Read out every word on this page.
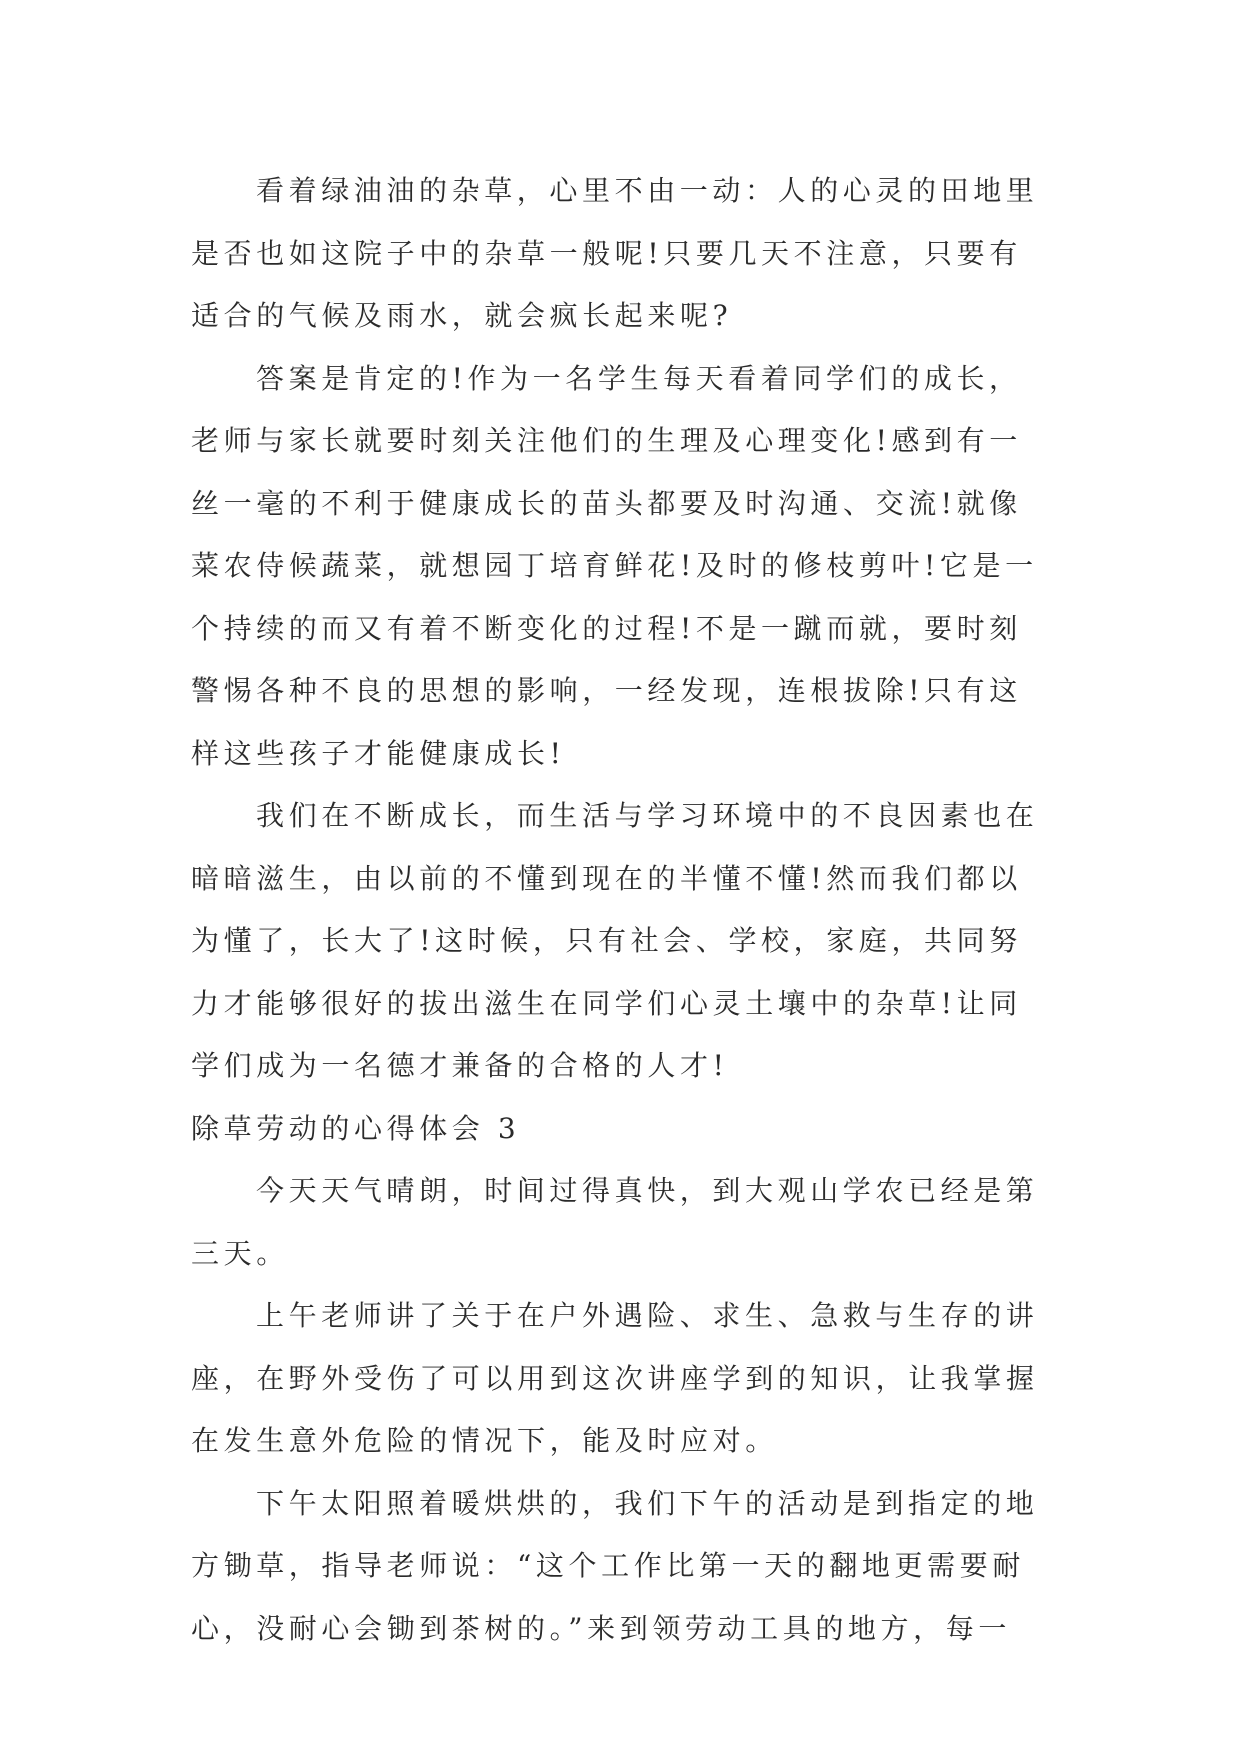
看着绿油油的杂草，心里不由一动：人的心灵的田地里
是否也如这院子中的杂草一般呢!只要几天不注意，只要有
适合的气候及雨水，就会疯长起来呢?

答案是肯定的!作为一名学生每天看着同学们的成长，
老师与家长就要时刻关注他们的生理及心理变化!感到有一
丝一毫的不利于健康成长的苗头都要及时沟通、交流!就像
菜农侍候蔬菜，就想园丁培育鲜花!及时的修枝剪叶!它是一
个持续的而又有着不断变化的过程!不是一蹴而就，要时刻
警惕各种不良的思想的影响，一经发现，连根拔除!只有这
样这些孩子才能健康成长!

我们在不断成长，而生活与学习环境中的不良因素也在
暗暗滋生，由以前的不懂到现在的半懂不懂!然而我们都以
为懂了，长大了!这时候，只有社会、学校，家庭，共同努
力才能够很好的拔出滋生在同学们心灵土壤中的杂草!让同
学们成为一名德才兼备的合格的人才!

除草劳动的心得体会 3

今天天气晴朗，时间过得真快，到大观山学农已经是第
三天。

上午老师讲了关于在户外遇险、求生、急救与生存的讲
座，在野外受伤了可以用到这次讲座学到的知识，让我掌握
在发生意外危险的情况下，能及时应对。

下午太阳照着暖烘烘的，我们下午的活动是到指定的地
方锄草，指导老师说：“这个工作比第一天的翻地更需要耐
心，没耐心会锄到茶树的。”来到领劳动工具的地方，每一
